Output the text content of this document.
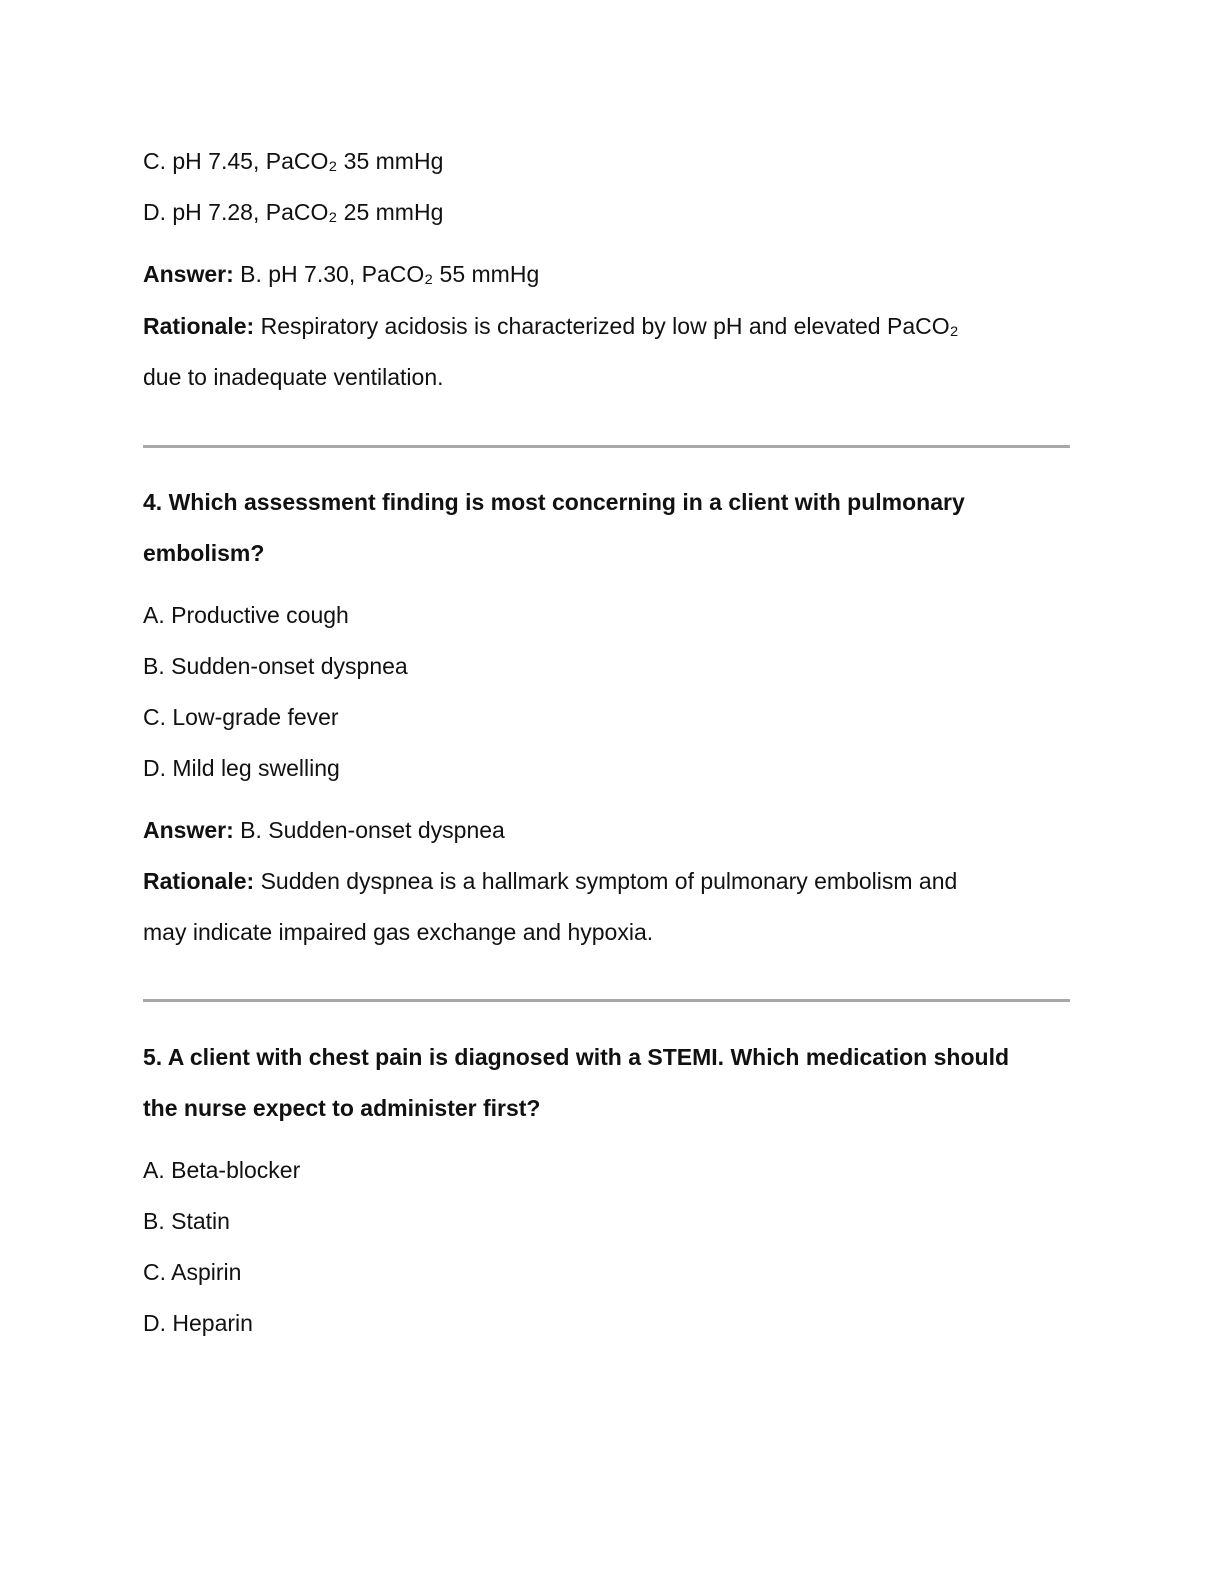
C. pH 7.45, PaCO₂ 35 mmHg
D. pH 7.28, PaCO₂ 25 mmHg
Answer: B. pH 7.30, PaCO₂ 55 mmHg
Rationale: Respiratory acidosis is characterized by low pH and elevated PaCO₂
due to inadequate ventilation.
4. Which assessment finding is most concerning in a client with pulmonary
embolism?
A. Productive cough
B. Sudden-onset dyspnea
C. Low-grade fever
D. Mild leg swelling
Answer: B. Sudden-onset dyspnea
Rationale: Sudden dyspnea is a hallmark symptom of pulmonary embolism and
may indicate impaired gas exchange and hypoxia.
5. A client with chest pain is diagnosed with a STEMI. Which medication should
the nurse expect to administer first?
A. Beta-blocker
B. Statin
C. Aspirin
D. Heparin
